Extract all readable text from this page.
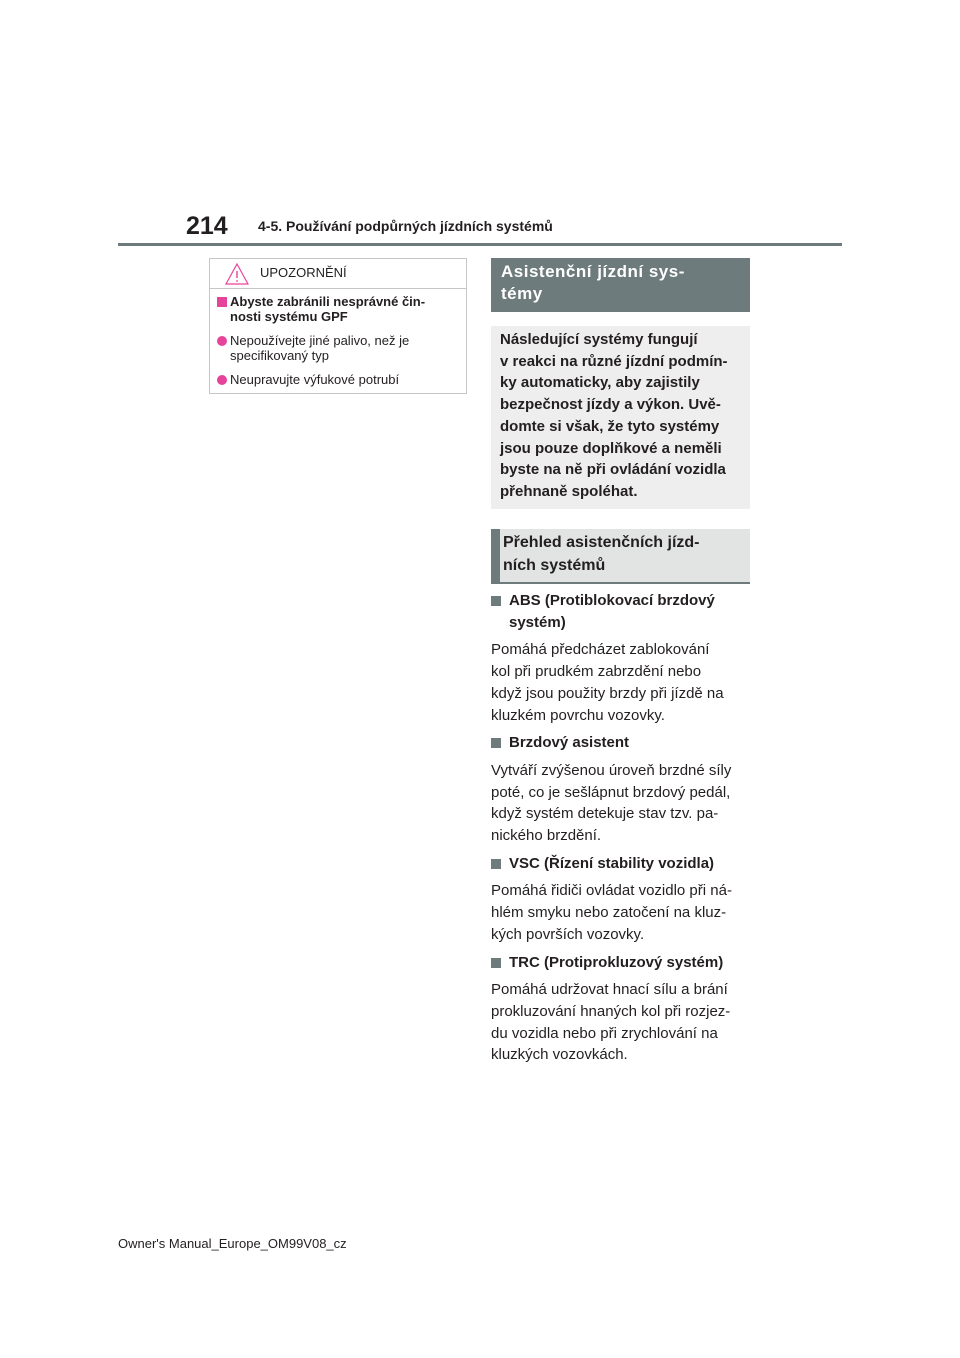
214 4-5. Používání podpůrných jízdních systémů
UPOZORNĚNÍ
Abyste zabránili nesprávné čin-
nosti systému GPF
Nepoužívejte jiné palivo, než je
specifikovaný typ
Neupravujte výfukové potrubí
Asistenční jízdní sys-
témy
Následující systémy fungují
v reakci na různé jízdní podmín-
ky automaticky, aby zajistily
bezpečnost jízdy a výkon. Uvě-
domte si však, že tyto systémy
jsou pouze doplňkové a neměli
byste na ně při ovládání vozidla
přehnaně spoléhat.
Přehled asistenčních jízd-
ních systémů
ABS (Protiblokovací brzdový
systém)
Pomáhá předcházet zablokování
kol při prudkém zabrzdění nebo
když jsou použity brzdy při jízdě na
kluzkém povrchu vozovky.
Brzdový asistent
Vytváří zvýšenou úroveň brzdné síly
poté, co je sešlápnut brzdový pedál,
když systém detekuje stav tzv. pa-
nického brzdění.
VSC (Řízení stability vozidla)
Pomáhá řidiči ovládat vozidlo při ná-
hlém smyku nebo zatočení na kluz-
kých površích vozovky.
TRC (Protiprokluzový systém)
Pomáhá udržovat hnací sílu a brání
prokluzování hnaných kol při rozjez-
du vozidla nebo při zrychlování na
kluzkých vozovkách.
Owner's Manual_Europe_OM99V08_cz
